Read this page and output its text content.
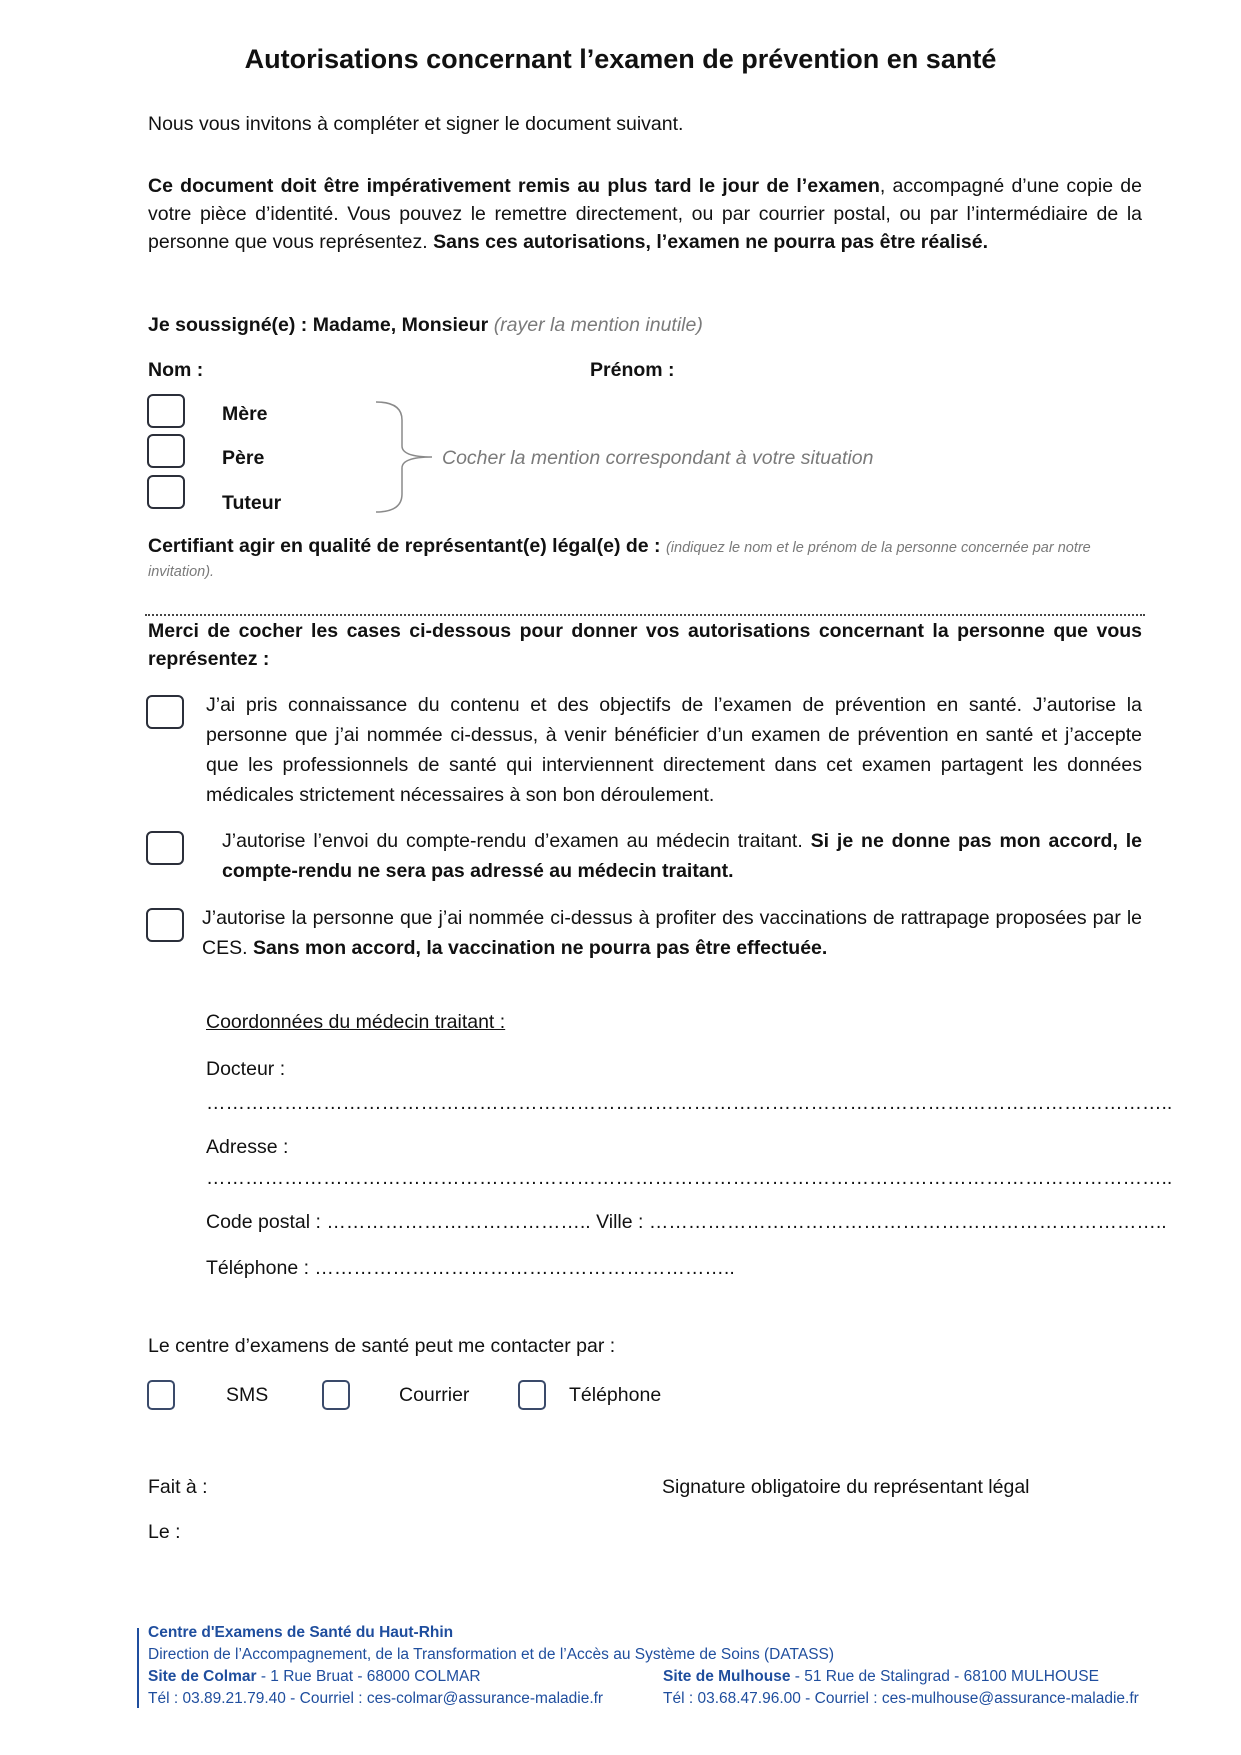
Autorisations concernant l’examen de prévention en santé
Nous vous invitons à compléter et signer le document suivant.
Ce document doit être impérativement remis au plus tard le jour de l’examen, accompagné d’une copie de votre pièce d’identité. Vous pouvez le remettre directement, ou par courrier postal, ou par l’intermédiaire de la personne que vous représentez. Sans ces autorisations, l’examen ne pourra pas être réalisé.
Je soussigné(e) : Madame, Monsieur (rayer la mention inutile)
Nom :	Prénom :
Mère
Père
Tuteur
Cocher la mention correspondant à votre situation
Certifiant agir en qualité de représentant(e) légal(e) de : (indiquez le nom et le prénom de la personne concernée par notre invitation).
Merci de cocher les cases ci-dessous pour donner vos autorisations concernant la personne que vous représentez :
J’ai pris connaissance du contenu et des objectifs de l’examen de prévention en santé. J’autorise la personne que j’ai nommée ci-dessus, à venir bénéficier d’un examen de prévention en santé et j’accepte que les professionnels de santé qui interviennent directement dans cet examen partagent les données médicales strictement nécessaires à son bon déroulement.
J’autorise l’envoi du compte-rendu d’examen au médecin traitant. Si je ne donne pas mon accord, le compte-rendu ne sera pas adressé au médecin traitant.
J’autorise la personne que j’ai nommée ci-dessus à profiter des vaccinations de rattrapage proposées par le CES. Sans mon accord, la vaccination ne pourra pas être effectuée.
Coordonnées du médecin traitant :
Docteur :
…………………………………………………………………………………………………………………………………..
Adresse :
…………………………………………………………………………………………………………………………………..
Code postal : ………………………………….. Ville : ……………………………………………………………………..
Téléphone : ………………………………………………………..
Le centre d’examens de santé peut me contacter par :
SMS	Courrier	Téléphone
Fait à :	Signature obligatoire du représentant légal
Le :
Centre d'Examens de Santé du Haut-Rhin
Direction de l’Accompagnement, de la Transformation et de l’Accès au Système de Soins (DATASS)
Site de Colmar - 1 Rue Bruat - 68000 COLMAR
Tél : 03.89.21.79.40 - Courriel : ces-colmar@assurance-maladie.fr
Site de Mulhouse - 51 Rue de Stalingrad - 68100 MULHOUSE
Tél : 03.68.47.96.00 - Courriel : ces-mulhouse@assurance-maladie.fr
